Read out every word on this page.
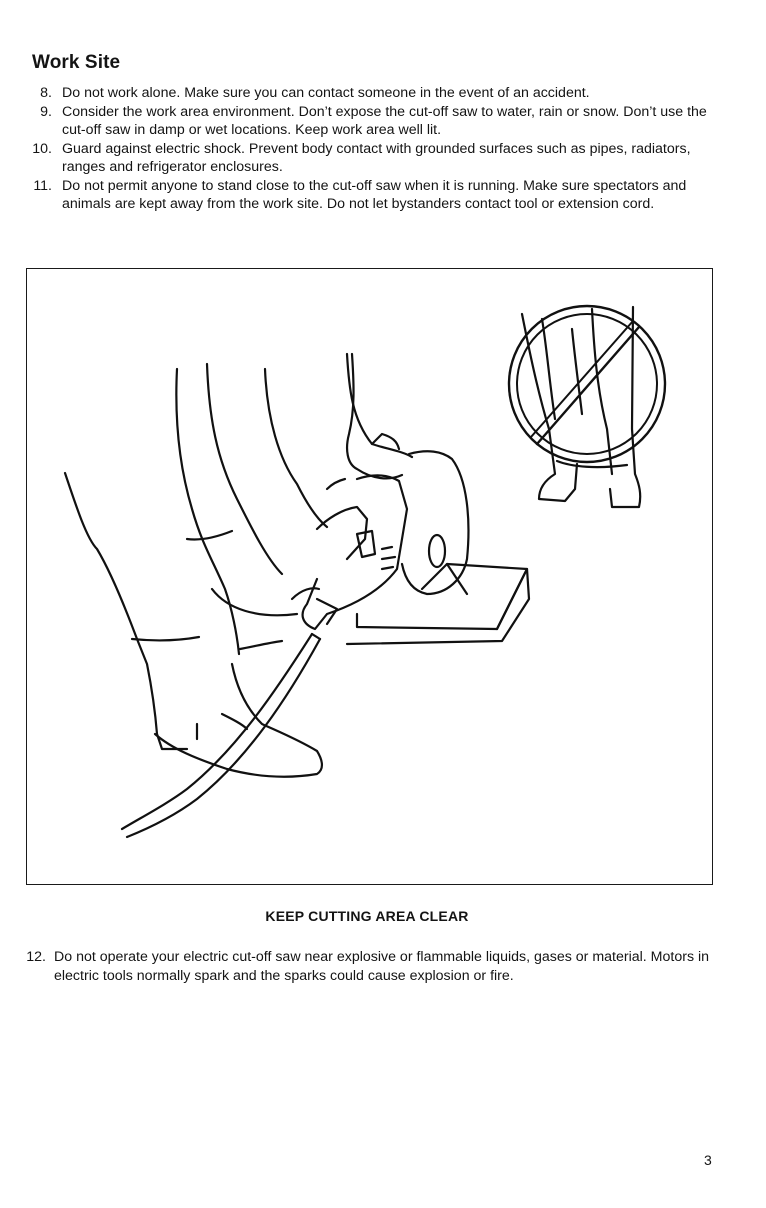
Work Site
8. Do not work alone. Make sure you can contact someone in the event of an accident.
9. Consider the work area environment. Don’t expose the cut-off saw to water, rain or snow. Don’t use the cut-off saw in damp or wet locations. Keep work area well lit.
10. Guard against electric shock. Prevent body contact with grounded surfaces such as pipes, radiators, ranges and refrigerator enclosures.
11. Do not permit anyone to stand close to the cut-off saw when it is running. Make sure spectators and animals are kept away from the work site. Do not let bystanders contact tool or extension cord.

KEEP CUTTING AREA CLEAR

12. Do not operate your electric cut-off saw near explosive or flammable liquids, gases or material. Motors in electric tools normally spark and the sparks could cause explosion or fire.
3
